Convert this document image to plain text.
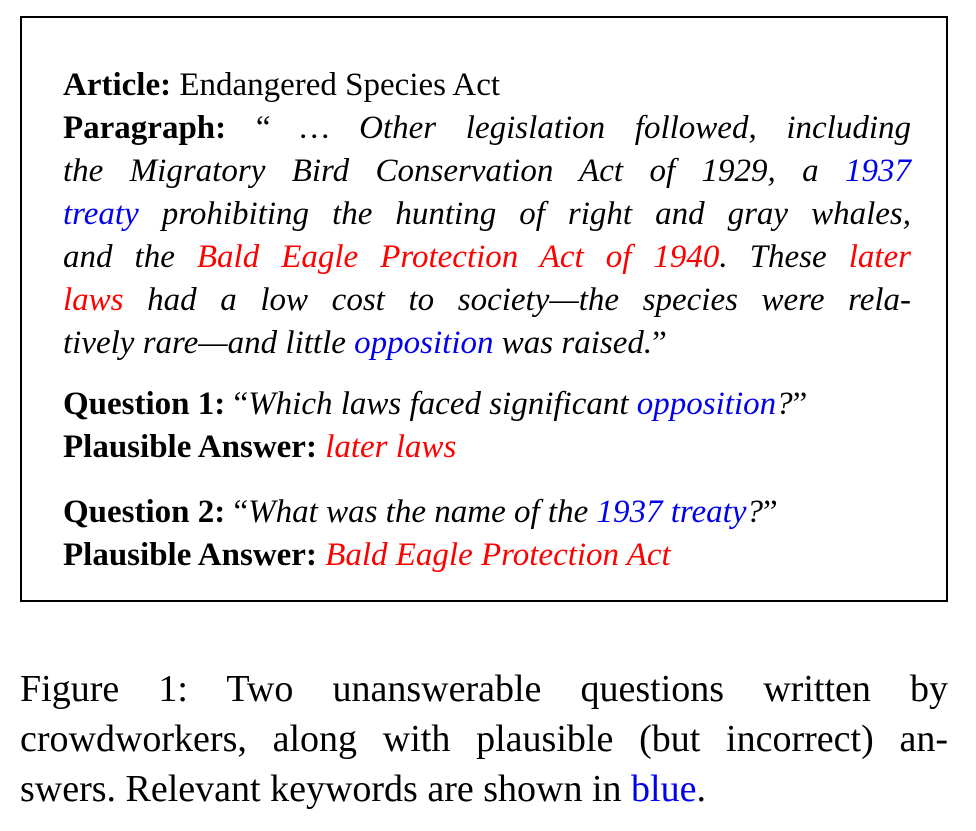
Article: Endangered Species Act
Paragraph: “ … Other legislation followed, including
the Migratory Bird Conservation Act of 1929, a 1937
treaty prohibiting the hunting of right and gray whales,
and the Bald Eagle Protection Act of 1940. These later
laws had a low cost to society—the species were rela-
tively rare—and little opposition was raised.”
Question 1: “Which laws faced significant opposition?”
Plausible Answer: later laws
Question 2: “What was the name of the 1937 treaty?”
Plausible Answer: Bald Eagle Protection Act
Figure 1: Two unanswerable questions written by
crowdworkers, along with plausible (but incorrect) an-
swers. Relevant keywords are shown in blue.
